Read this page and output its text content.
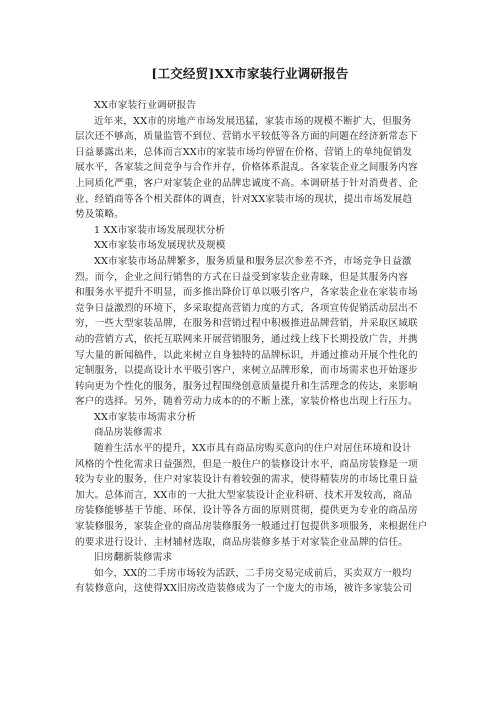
[工交经贸]XX市家装行业调研报告
XX市家装行业调研报告
近年来，XX市的房地产市场发展迅猛，家装市场的规模不断扩大，但服务
层次还不够高，质量监管不到位、营销水平较低等各方面的问题在经济新常态下
日益暴露出来，总体而言XX市的家装市场均停留在价格、营销上的单纯促销发
展水平，各家装之间竞争与合作并存，价格体系混乱。各家装企业之间服务内容
上同质化严重，客户对家装企业的品牌忠诚度不高。本调研基于针对消费者、企
业、经销商等各个相关群体的调查，针对XX家装市场的现状，提出市场发展趋
势及策略。
1 XX市家装市场发展现状分析
XX市家装市场发展现状及规模
XX市家装市场品牌繁多，服务质量和服务层次参差不齐，市场竞争日益激
烈。而今，企业之间行销售的方式在日益受到家装企业青睐，但是其服务内容
和服务水平提升不明显，而多推出降价订单以吸引客户，各家装企业在家装市场
竞争日益激烈的环境下，多采取提高营销力度的方式，各项宣传促销活动层出不
穷，一些大型家装品牌，在服务和营销过程中积极推进品牌营销，并采取区域联
动的营销方式，依托互联网来开展营销服务，通过线上线下长期投放广告，并携
写大量的新闻稿件，以此来树立自身独特的品牌标识，并通过推动开展个性化的
定制服务，以提高设计水平吸引客户，来树立品牌形象，而市场需求也开始逐步
转向更为个性化的服务，服务过程围绕创意质量提升和生活理念的传达，来影响
客户的选择。另外，随着劳动力成本的的不断上涨，家装价格也出现上行压力。
XX市家装市场需求分析
商品房装修需求
随着生活水平的提升，XX市具有商品房购买意向的住户对居住环境和设计
风格的个性化需求日益强烈，但是一般住户的装修设计水平，商品房装修是一项
较为专业的服务，住户对家装设计有着较强的需求，使得精装房的市场比重日益
加大。总体而言，XX市的一大批大型家装设计企业科研、技术开发较高，商品
房装修能够基于节能、环保、设计等各方面的原则贯彻，提供更为专业的商品房
家装修服务，家装企业的商品房装修服务一般通过打包提供多项服务，来根据住户
的要求进行设计、主材辅材选取，商品房装修多基于对家装企业品牌的信任。
旧房翻新装修需求
如今，XX的二手房市场较为活跃，二手房交易完成前后，买卖双方一般均
有装修意向，这使得XX旧房改造装修成为了一个庞大的市场，被许多家装公司
